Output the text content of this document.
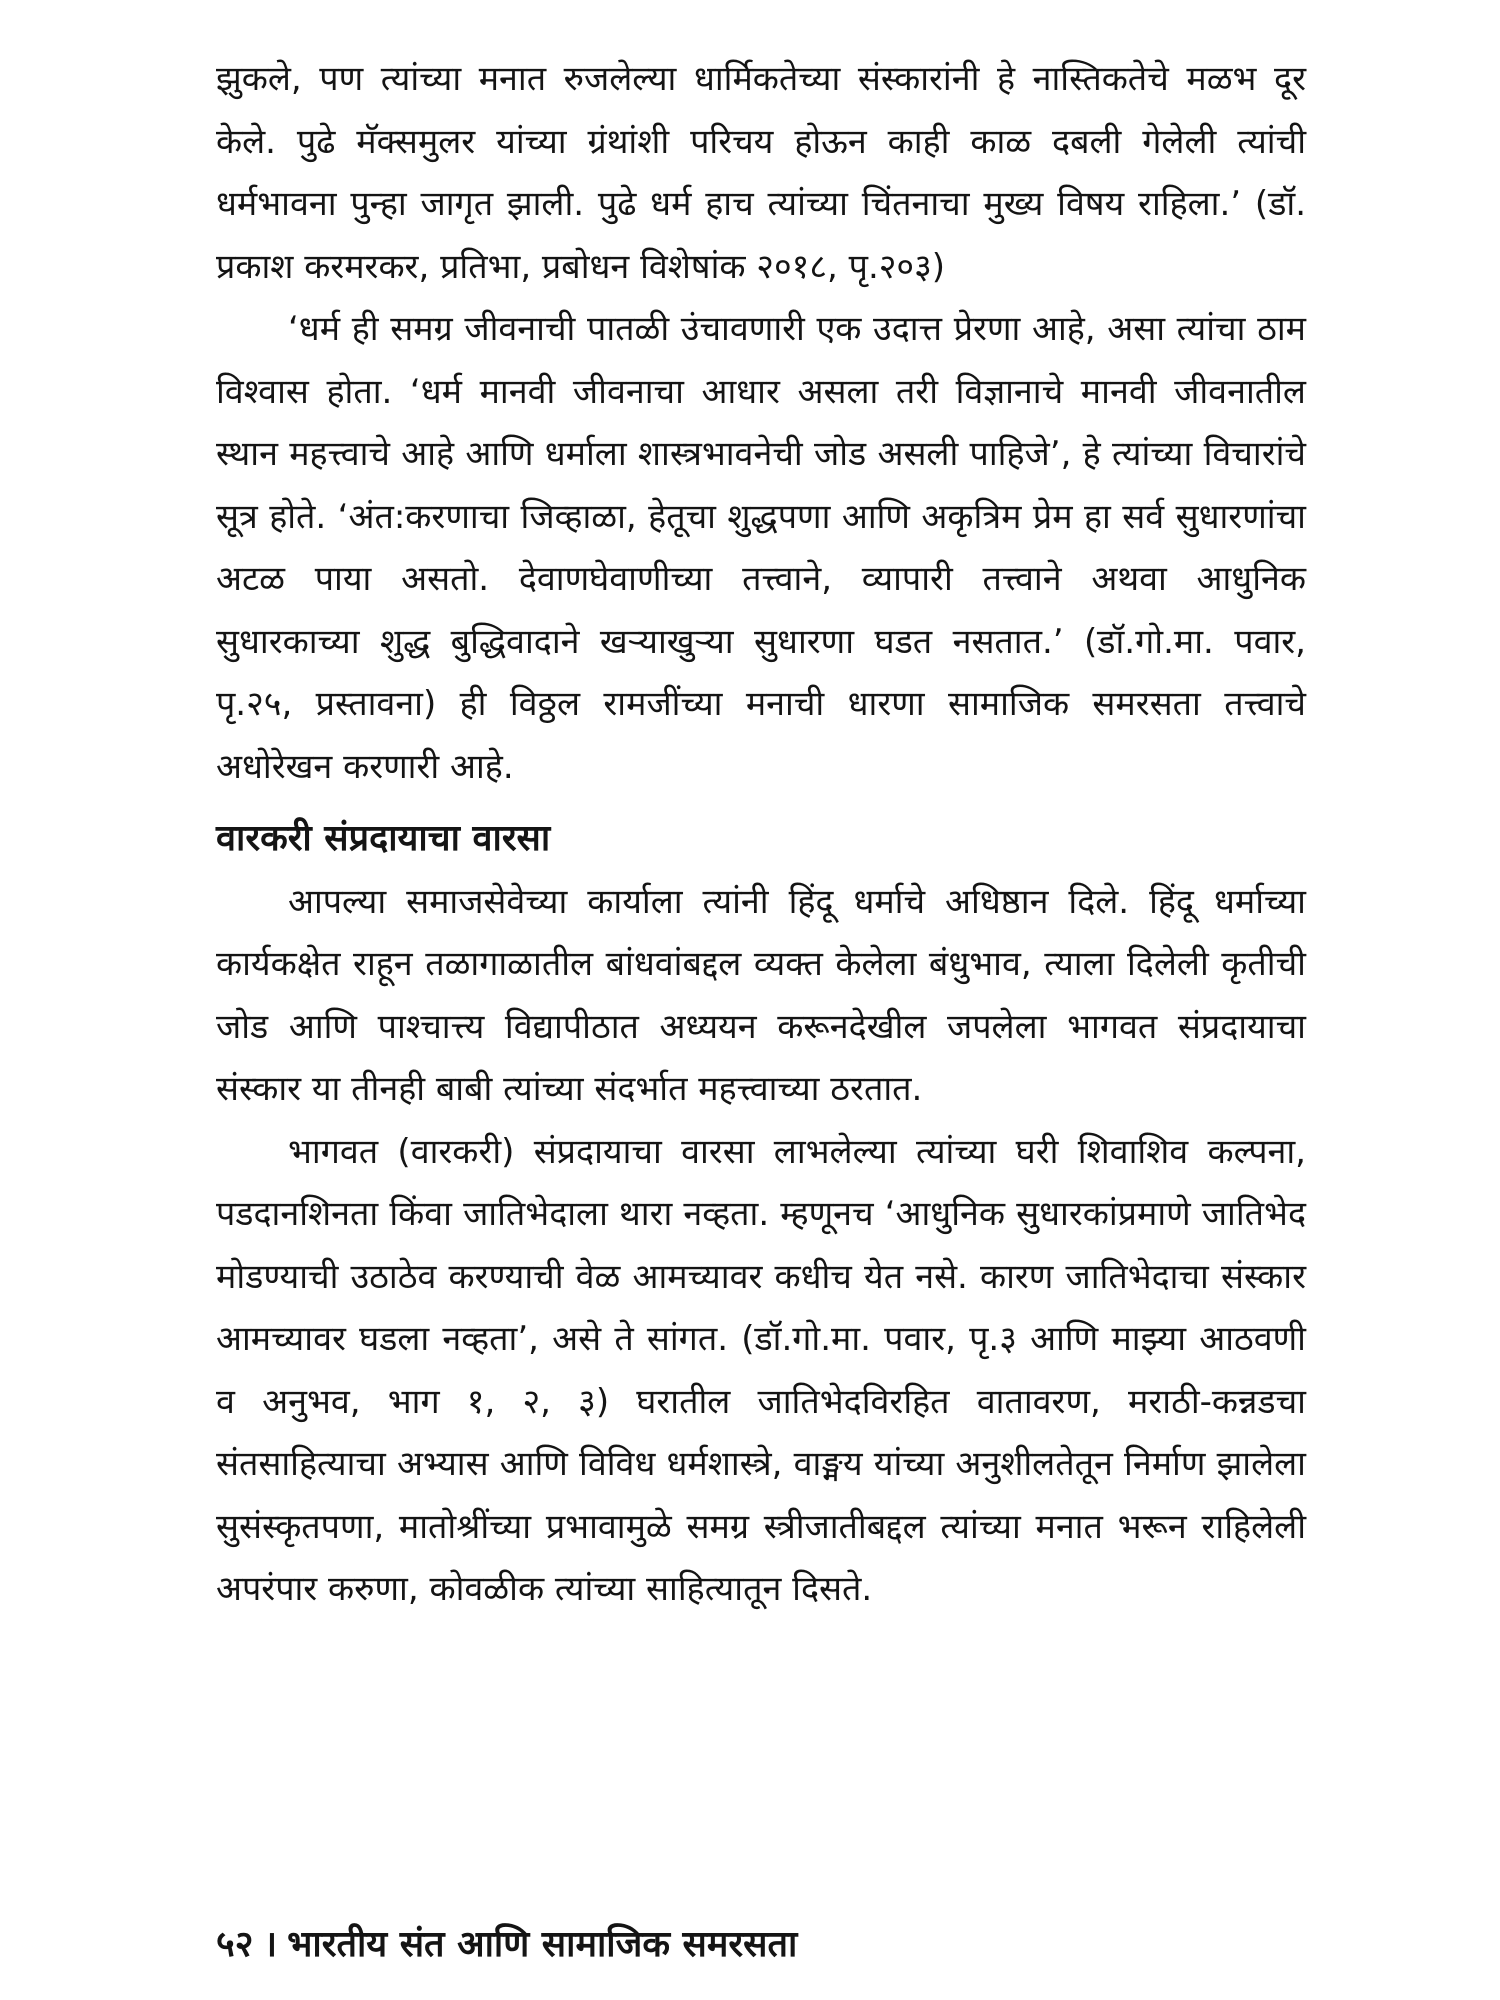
झुकले, पण त्यांच्या मनात रुजलेल्या धार्मिकतेच्या संस्कारांनी हे नास्तिकतेचे मळभ दूर केले. पुढे मॅक्समुलर यांच्या ग्रंथांशी परिचय होऊन काही काळ दबली गेलेली त्यांची धर्मभावना पुन्हा जागृत झाली. पुढे धर्म हाच त्यांच्या चिंतनाचा मुख्य विषय राहिला.’ (डॉ. प्रकाश करमरकर, प्रतिभा, प्रबोधन विशेषांक २०१८, पृ.२०३)

‘धर्म ही समग्र जीवनाची पातळी उंचावणारी एक उदात्त प्रेरणा आहे, असा त्यांचा ठाम विश्वास होता. ‘धर्म मानवी जीवनाचा आधार असला तरी विज्ञानाचे मानवी जीवनातील स्थान महत्त्वाचे आहे आणि धर्माला शास्त्रभावनेची जोड असली पाहिजे’, हे त्यांच्या विचारांचे सूत्र होते. ‘अंत:करणाचा जिव्हाळा, हेतूचा शुद्धपणा आणि अकृत्रिम प्रेम हा सर्व सुधारणांचा अटळ पाया असतो. देवाणघेवाणीच्या तत्त्वाने, व्यापारी तत्त्वाने अथवा आधुनिक सुधारकाच्या शुद्ध बुद्धिवादाने खऱ्याखुऱ्या सुधारणा घडत नसतात.’ (डॉ.गो.मा. पवार, पृ.२५, प्रस्तावना) ही विठ्ठल रामजींच्या मनाची धारणा सामाजिक समरसता तत्त्वाचे अधोरेखन करणारी आहे.

वारकरी संप्रदायाचा वारसा

आपल्या समाजसेवेच्या कार्याला त्यांनी हिंदू धर्माचे अधिष्ठान दिले. हिंदू धर्माच्या कार्यकक्षेत राहून तळागाळातील बांधवांबद्दल व्यक्त केलेला बंधुभाव, त्याला दिलेली कृतीची जोड आणि पाश्चात्त्य विद्यापीठात अध्ययन करूनदेखील जपलेला भागवत संप्रदायाचा संस्कार या तीनही बाबी त्यांच्या संदर्भात महत्त्वाच्या ठरतात.

भागवत (वारकरी) संप्रदायाचा वारसा लाभलेल्या त्यांच्या घरी शिवाशिव कल्पना, पडदानशिनता किंवा जातिभेदाला थारा नव्हता. म्हणूनच ‘आधुनिक सुधारकांप्रमाणे जातिभेद मोडण्याची उठाठेव करण्याची वेळ आमच्यावर कधीच येत नसे. कारण जातिभेदाचा संस्कार आमच्यावर घडला नव्हता’, असे ते सांगत. (डॉ.गो.मा. पवार, पृ.३ आणि माझ्या आठवणी व अनुभव, भाग १, २, ३) घरातील जातिभेदविरहित वातावरण, मराठी-कन्नडचा संतसाहित्याचा अभ्यास आणि विविध धर्मशास्त्रे, वाङ्मय यांच्या अनुशीलतेतून निर्माण झालेला सुसंस्कृतपणा, मातोश्रींच्या प्रभावामुळे समग्र स्त्रीजातीबद्दल त्यांच्या मनात भरून राहिलेली अपरंपार करुणा, कोवळीक त्यांच्या साहित्यातून दिसते.

५२ । भारतीय संत आणि सामाजिक समरसता
